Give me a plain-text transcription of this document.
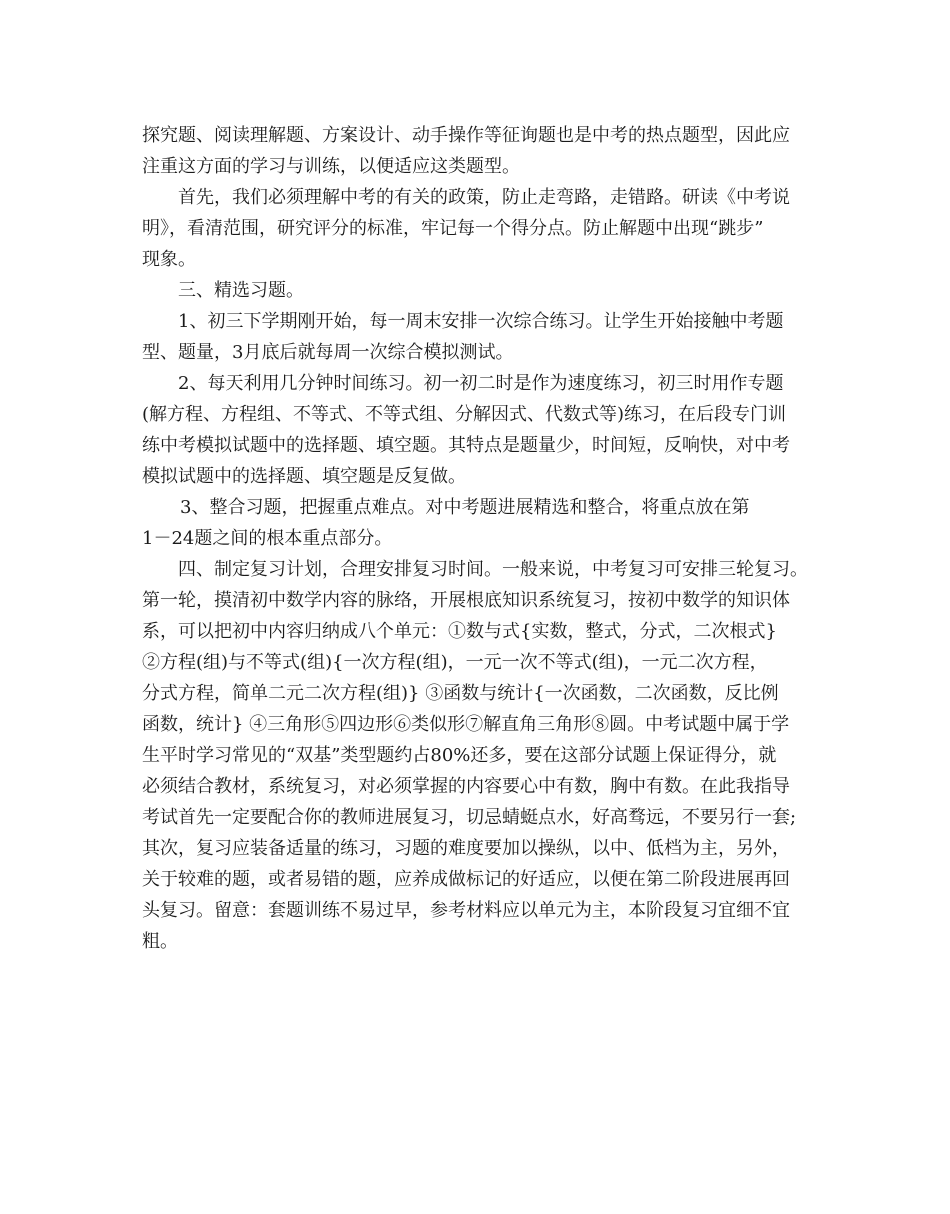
探究题、阅读理解题、方案设计、动手操作等征询题也是中考的热点题型，因此应
注重这方面的学习与训练，以便适应这类题型。
首先，我们必须理解中考的有关的政策，防止走弯路，走错路。研读《中考说
明》，看清范围，研究评分的标准，牢记每一个得分点。防止解题中出现“跳步”
现象。
三、精选习题。
1、初三下学期刚开始，每一周末安排一次综合练习。让学生开始接触中考题
型、题量，3月底后就每周一次综合模拟测试。
2、每天利用几分钟时间练习。初一初二时是作为速度练习，初三时用作专题
(解方程、方程组、不等式、不等式组、分解因式、代数式等)练习，在后段专门训
练中考模拟试题中的选择题、填空题。其特点是题量少，时间短，反响快，对中考
模拟试题中的选择题、填空题是反复做。
3、整合习题，把握重点难点。对中考题进展精选和整合，将重点放在第
1－24题之间的根本重点部分。
四、制定复习计划，合理安排复习时间。一般来说，中考复习可安排三轮复习。
第一轮，摸清初中数学内容的脉络，开展根底知识系统复习，按初中数学的知识体
系，可以把初中内容归纳成八个单元：①数与式{实数，整式，分式，二次根式}
②方程(组)与不等式(组){一次方程(组)，一元一次不等式(组)，一元二次方程，
分式方程，简单二元二次方程(组)} ③函数与统计{一次函数，二次函数，反比例
函数，统计} ④三角形⑤四边形⑥类似形⑦解直角三角形⑧圆。中考试题中属于学
生平时学习常见的“双基”类型题约占80%还多，要在这部分试题上保证得分，就
必须结合教材，系统复习，对必须掌握的内容要心中有数，胸中有数。在此我指导
考试首先一定要配合你的教师进展复习，切忌蜻蜓点水，好高骛远，不要另行一套;
其次，复习应装备适量的练习，习题的难度要加以操纵，以中、低档为主，另外，
关于较难的题，或者易错的题，应养成做标记的好适应，以便在第二阶段进展再回
头复习。留意：套题训练不易过早，参考材料应以单元为主，本阶段复习宜细不宜
粗。
